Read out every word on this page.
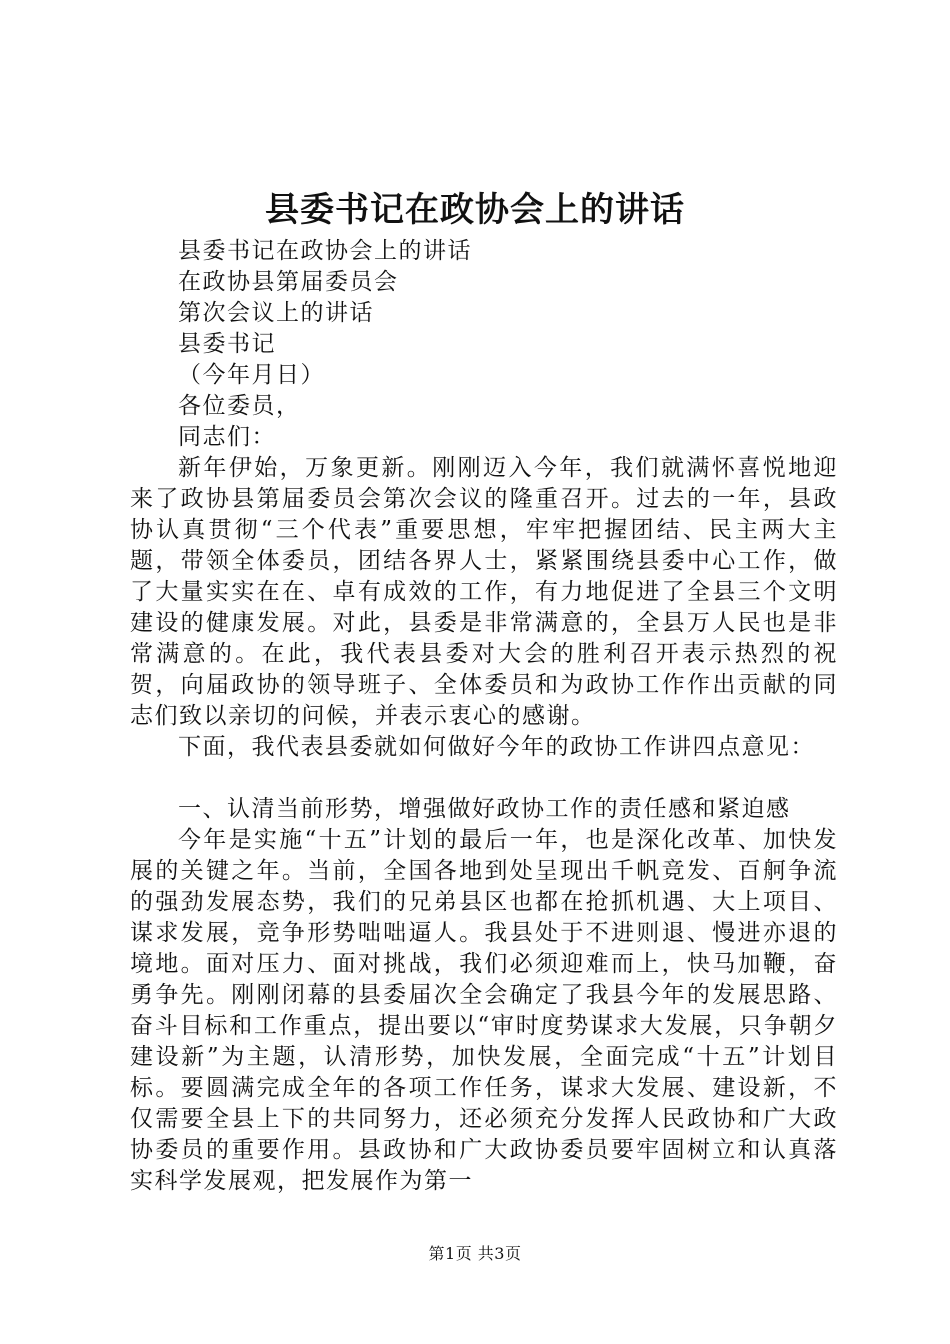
县委书记在政协会上的讲话
县委书记在政协会上的讲话
在政协县第届委员会
第次会议上的讲话
县委书记
（今年月日）
各位委员，
同志们：

新年伊始，万象更新。刚刚迈入今年，我们就满怀喜悦地迎来了政协县第届委员会第次会议的隆重召开。过去的一年，县政协认真贯彻“三个代表”重要思想，牢牢把握团结、民主两大主题，带领全体委员，团结各界人士，紧紧围绕县委中心工作，做了大量实实在在、卓有成效的工作，有力地促进了全县三个文明建设的健康发展。对此，县委是非常满意的，全县万人民也是非常满意的。在此，我代表县委对大会的胜利召开表示热烈的祝贺，向届政协的领导班子、全体委员和为政协工作作出贡献的同志们致以亲切的问候，并表示衷心的感谢。

下面，我代表县委就如何做好今年的政协工作讲四点意见：

一、认清当前形势，增强做好政协工作的责任感和紧迫感

今年是实施“十五”计划的最后一年，也是深化改革、加快发展的关键之年。当前，全国各地到处呈现出千帆竞发、百舸争流的强劲发展态势，我们的兄弟县区也都在抢抓机遇、大上项目、谋求发展，竞争形势咄咄逼人。我县处于不进则退、慢进亦退的境地。面对压力、面对挑战，我们必须迎难而上，快马加鞭，奋勇争先。刚刚闭幕的县委届次全会确定了我县今年的发展思路、奋斗目标和工作重点，提出要以“审时度势谋求大发展，只争朝夕建设新”为主题，认清形势，加快发展，全面完成“十五”计划目标。要圆满完成全年的各项工作任务，谋求大发展、建设新，不仅需要全县上下的共同努力，还必须充分发挥人民政协和广大政协委员的重要作用。县政协和广大政协委员要牢固树立和认真落实科学发展观，把发展作为第一

第1页 共3页
